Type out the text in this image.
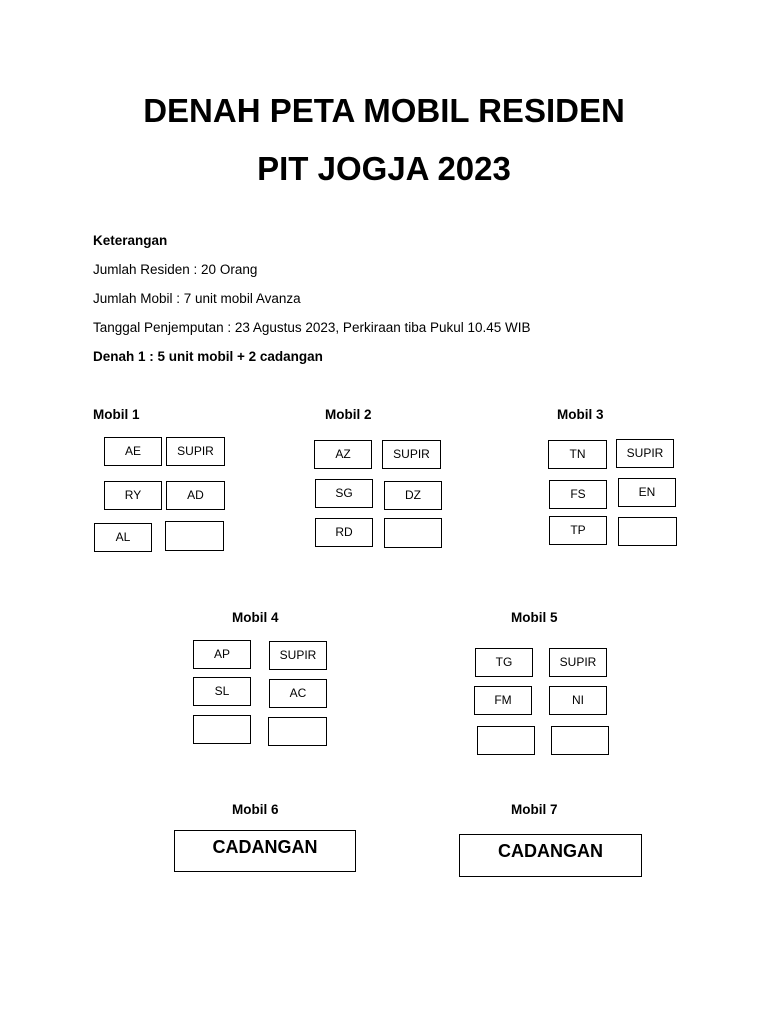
DENAH PETA MOBIL RESIDEN
PIT JOGJA 2023

Keterangan

Jumlah Residen : 20 Orang

Jumlah Mobil : 7 unit mobil Avanza

Tanggal Penjemputan : 23 Agustus 2023, Perkiraan tiba Pukul 10.45 WIB

Denah 1 : 5 unit mobil + 2 cadangan

Mobil 1

AE	SUPIR
RY	AD
AL

Mobil 2

AZ	SUPIR
SG	DZ
RD

Mobil 3

TN	SUPIR
FS	EN
TP

Mobil 4

AP	SUPIR
SL	AC

Mobil 5

TG	SUPIR
FM	NI

Mobil 6

CADANGAN

Mobil 7

CADANGAN
